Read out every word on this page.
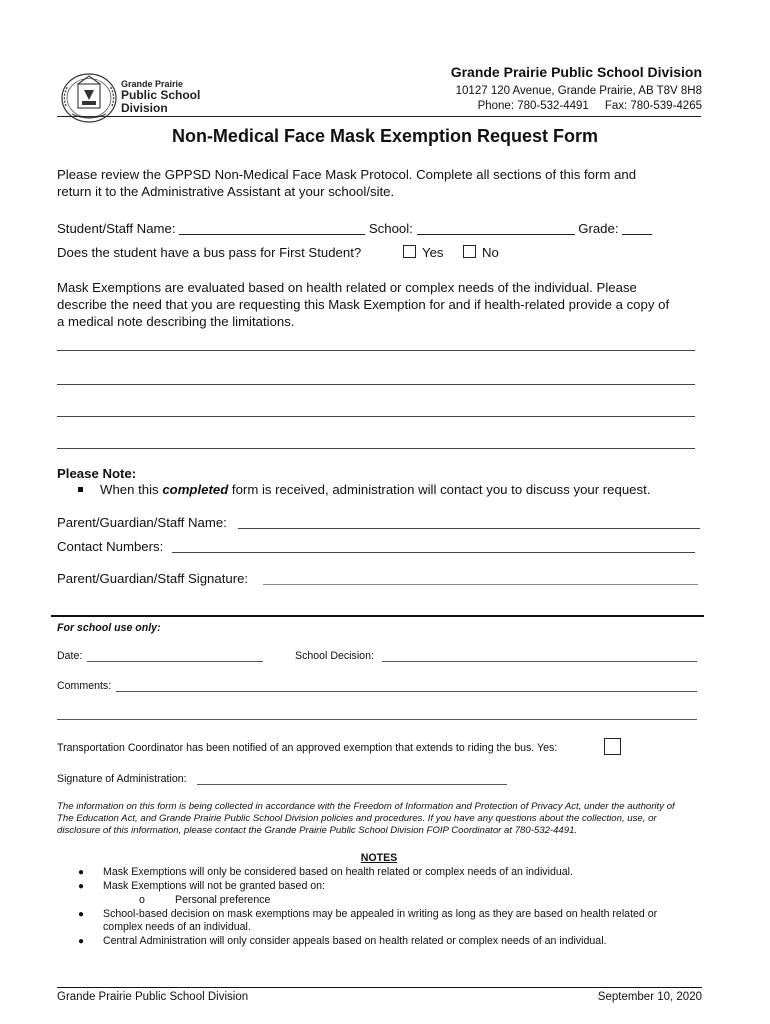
Grande Prairie
Public School
Division
Grande Prairie Public School Division
10127 120 Avenue, Grande Prairie, AB T8V 8H8
Phone: 780-532-4491 Fax: 780-539-4265
Non-Medical Face Mask Exemption Request Form
Please review the GPPSD Non-Medical Face Mask Protocol. Complete all sections of this form and
return it to the Administrative Assistant at your school/site.
Student/Staff Name:	School:	Grade:
Does the student have a bus pass for First Student?	Yes	No
Mask Exemptions are evaluated based on health related or complex needs of the individual. Please
describe the need that you are requesting this Mask Exemption for and if health-related provide a copy of
a medical note describing the limitations.
Please Note:
When this completed form is received, administration will contact you to discuss your request.
Parent/Guardian/Staff Name:
Contact Numbers:
Parent/Guardian/Staff Signature:
For school use only:
Date:	School Decision:
Comments:
Transportation Coordinator has been notified of an approved exemption that extends to riding the bus. Yes:
Signature of Administration:
The information on this form is being collected in accordance with the Freedom of Information and Protection of Privacy Act, under the authority of
The Education Act, and Grande Prairie Public School Division policies and procedures. If you have any questions about the collection, use, or
disclosure of this information, please contact the Grande Prairie Public School Division FOIP Coordinator at 780-532-4491.
NOTES
● Mask Exemptions will only be considered based on health related or complex needs of an individual.
● Mask Exemptions will not be granted based on:
o	Personal preference
● School-based decision on mask exemptions may be appealed in writing as long as they are based on health related or
complex needs of an individual.
● Central Administration will only consider appeals based on health related or complex needs of an individual.
Grande Prairie Public School Division	September 10, 2020
